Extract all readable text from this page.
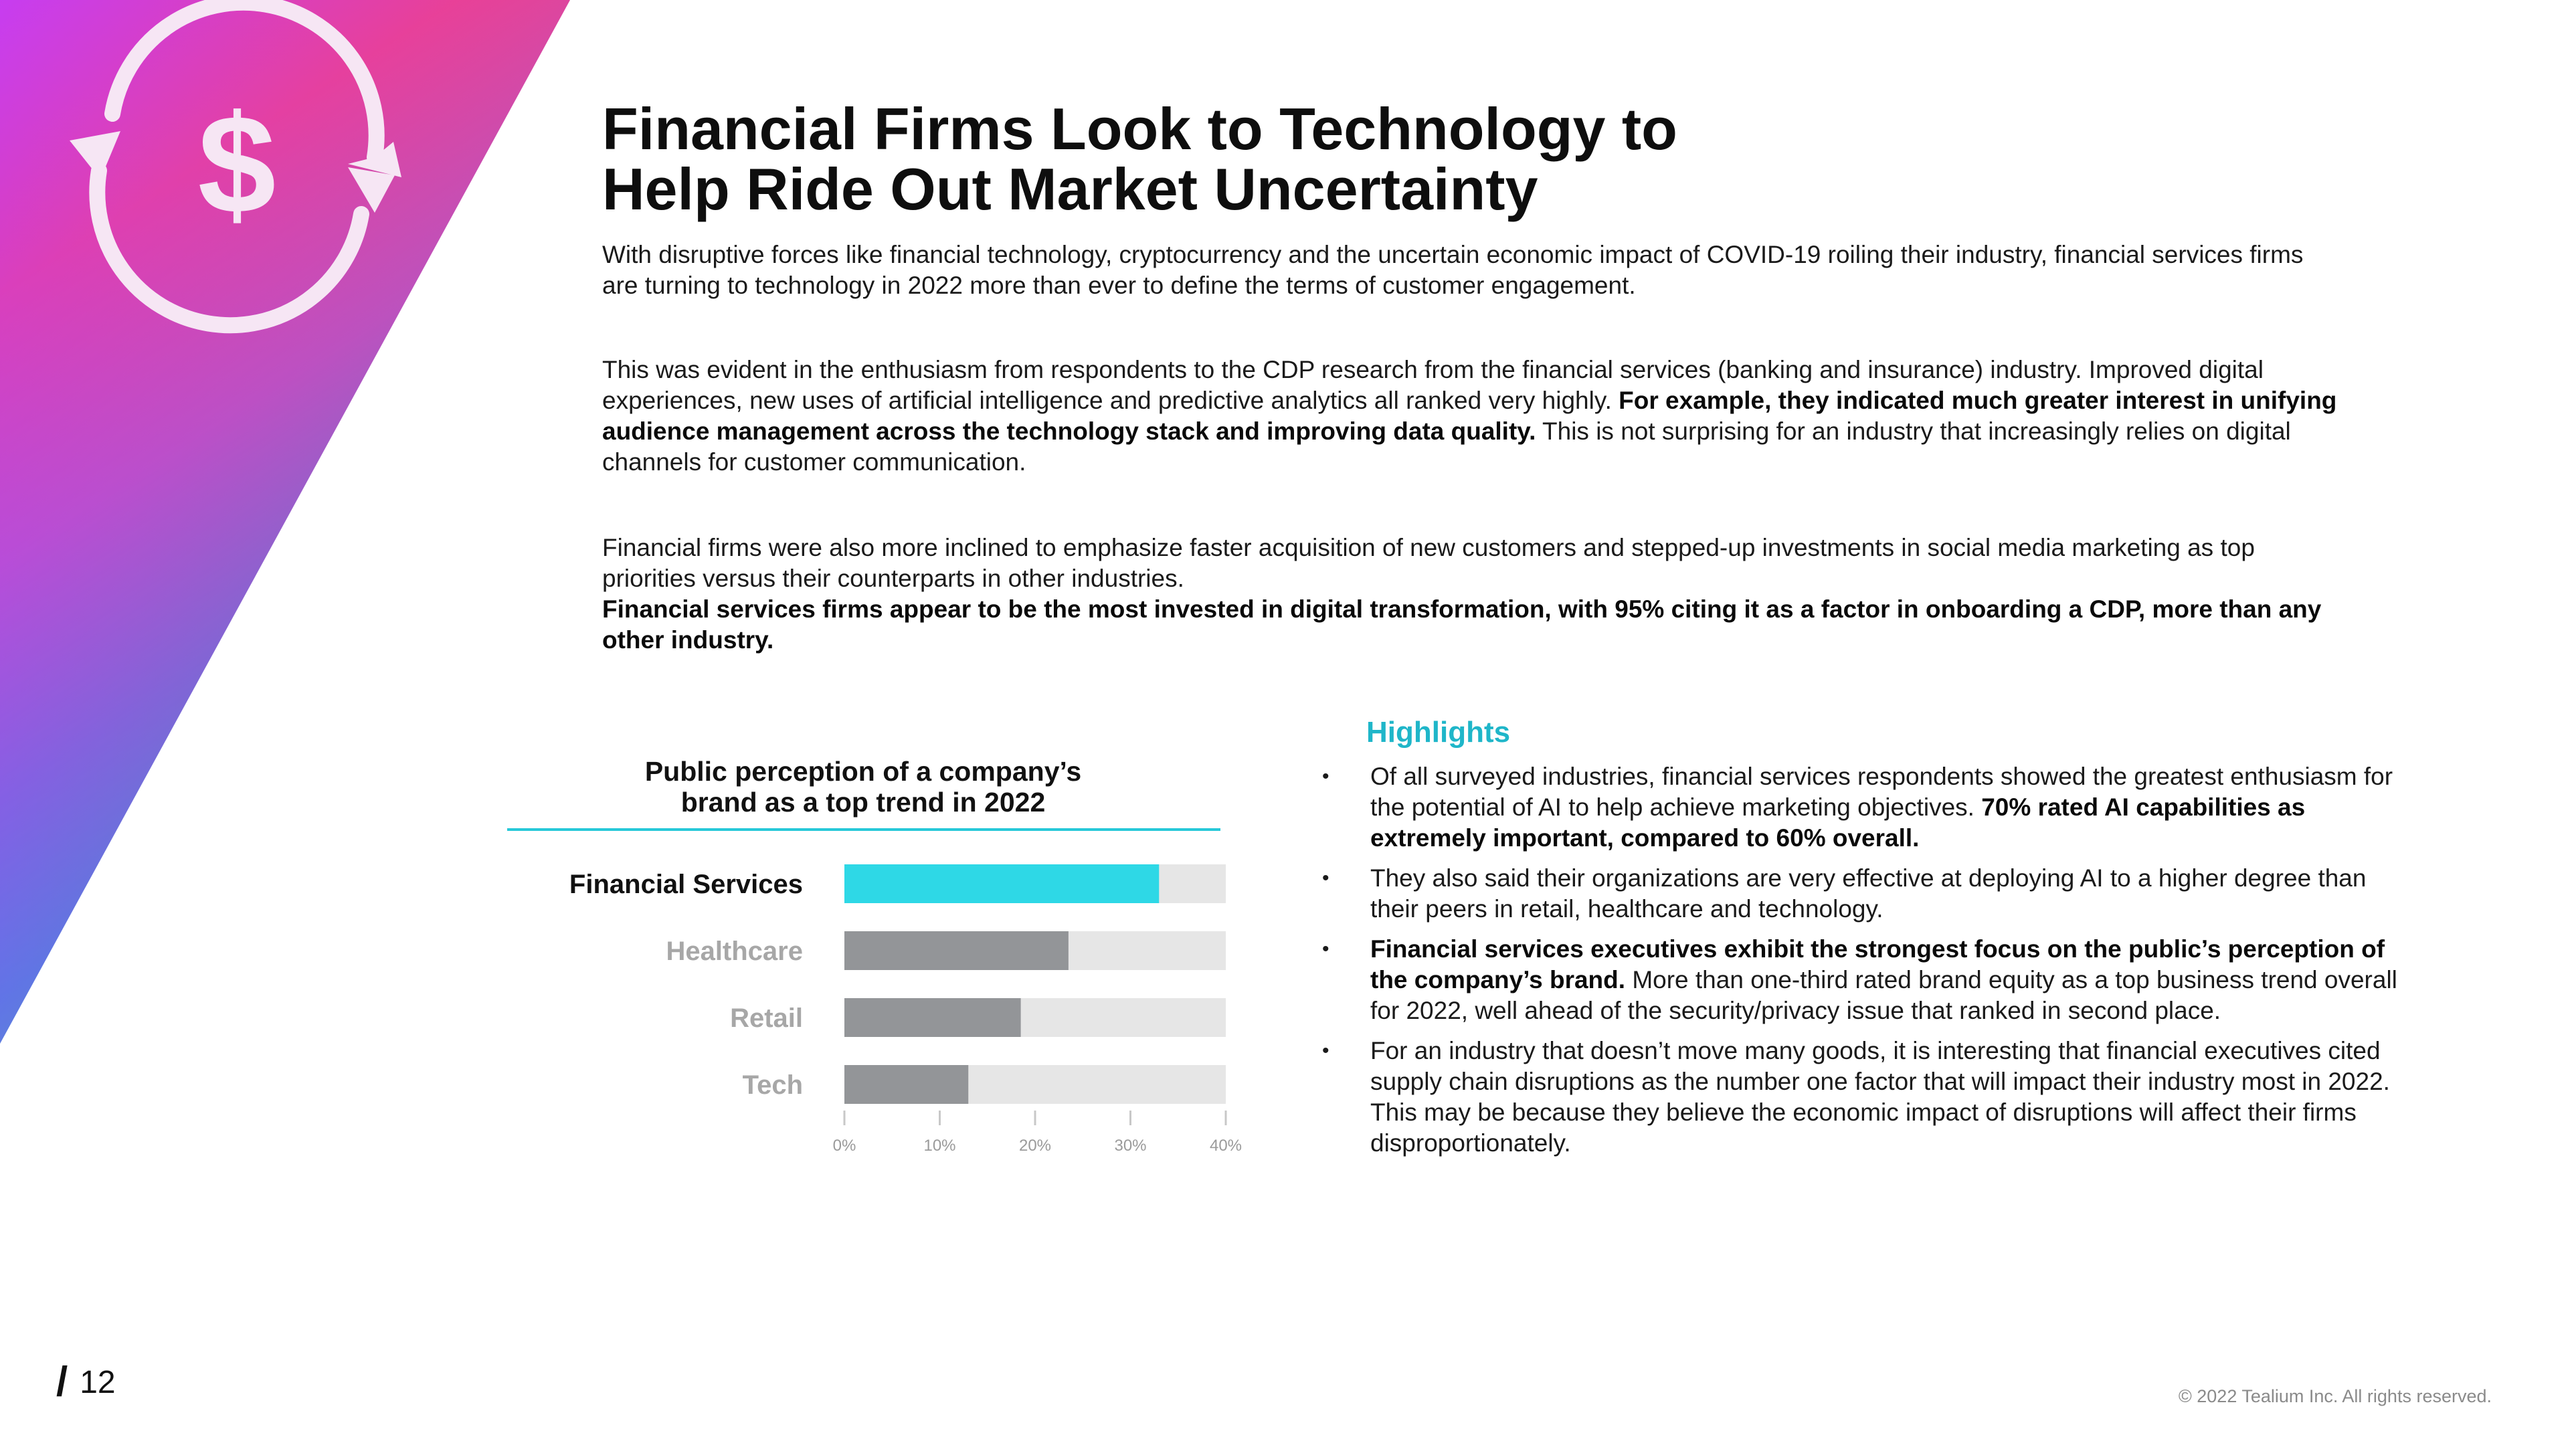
$	Financial Firms Look to Technology to
Help Ride Out Market Uncertainty

With disruptive forces like financial technology, cryptocurrency and the uncertain economic impact of COVID-19 roiling their industry, financial services firms are turning to technology in 2022 more than ever to define the terms of customer engagement.

This was evident in the enthusiasm from respondents to the CDP research from the financial services (banking and insurance) industry. Improved digital experiences, new uses of artificial intelligence and predictive analytics all ranked very highly. For example, they indicated much greater interest in unifying audience management across the technology stack and improving data quality. This is not surprising for an industry that increasingly relies on digital channels for customer communication.

Financial firms were also more inclined to emphasize faster acquisition of new customers and stepped-up investments in social media marketing as top priorities versus their counterparts in other industries.
Financial services firms appear to be the most invested in digital transformation, with 95% citing it as a factor in onboarding a CDP, more than any other industry.

Public perception of a company’s
brand as a top trend in 2022
Financial Services
Healthcare
Retail
Tech
0%	10%	20%	30%	40%
Highlights
• Of all surveyed industries, financial services respondents showed the greatest enthusiasm for the potential of AI to help achieve marketing objectives. 70% rated AI capabilities as extremely important, compared to 60% overall.
• They also said their organizations are very effective at deploying AI to a higher degree than their peers in retail, healthcare and technology.
• Financial services executives exhibit the strongest focus on the public’s perception of the company’s brand. More than one-third rated brand equity as a top business trend overall for 2022, well ahead of the security/privacy issue that ranked in second place.
• For an industry that doesn’t move many goods, it is interesting that financial executives cited supply chain disruptions as the number one factor that will impact their industry most in 2022. This may be because they believe the economic impact of disruptions will affect their firms disproportionately.
/ 12	© 2022 Tealium Inc. All rights reserved.
